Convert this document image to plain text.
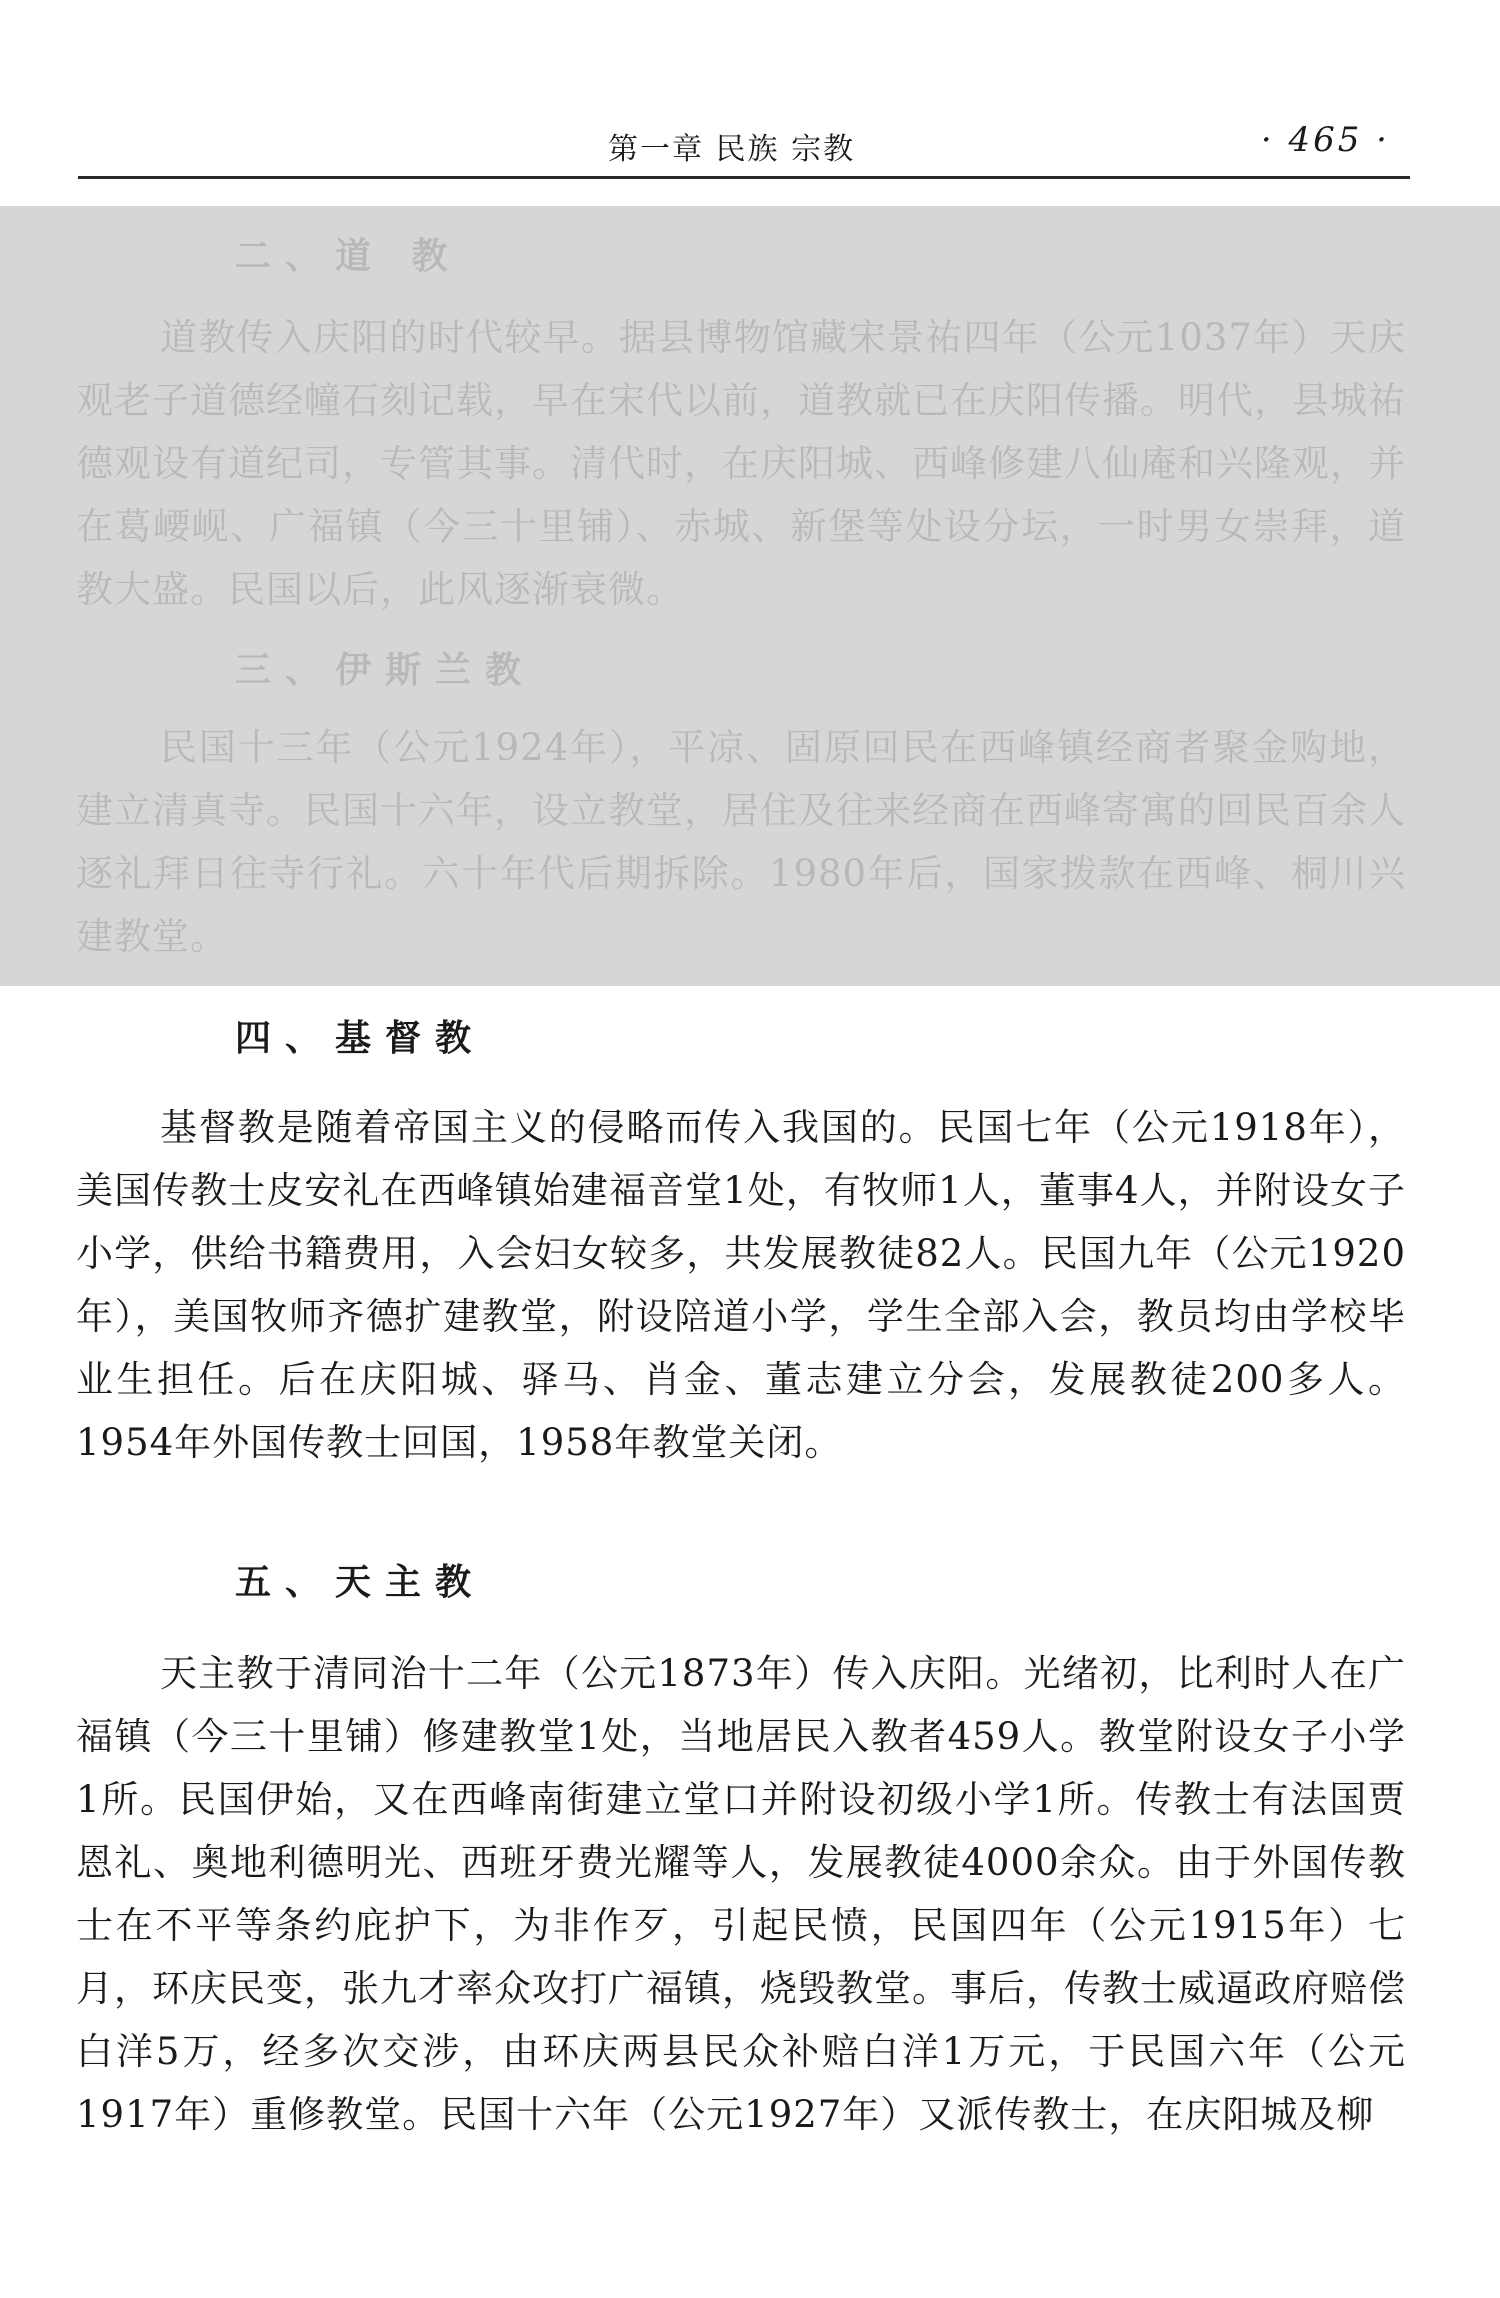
第一章 民族 宗教	· 465 ·
二、道 教
道教传入庆阳的时代较早。据县博物馆藏宋景祐四年（公元1037年）天庆观老子道德经幢石刻记载，早在宋代以前，道教就已在庆阳传播。明代，县城祐德观设有道纪司，专管其事。清代时，在庆阳城、西峰修建八仙庵和兴隆观，并在葛崾岘、广福镇（今三十里铺）、赤城、新堡等处设分坛，一时男女崇拜，道教大盛。民国以后，此风逐渐衰微。
三、伊斯兰教
民国十三年（公元1924年），平凉、固原回民在西峰镇经商者聚金购地，建立清真寺。民国十六年，设立教堂，居住及往来经商在西峰寄寓的回民百余人逐礼拜日往寺行礼。六十年代后期拆除。1980年后，国家拨款在西峰、桐川兴建教堂。
四、基督教
基督教是随着帝国主义的侵略而传入我国的。民国七年（公元1918年），美国传教士皮安礼在西峰镇始建福音堂1处，有牧师1人，董事4人，并附设女子小学，供给书籍费用，入会妇女较多，共发展教徒82人。民国九年（公元1920年），美国牧师齐德扩建教堂，附设陪道小学，学生全部入会，教员均由学校毕业生担任。后在庆阳城、驿马、肖金、董志建立分会，发展教徒200多人。1954年外国传教士回国，1958年教堂关闭。
五、天主教
天主教于清同治十二年（公元1873年）传入庆阳。光绪初，比利时人在广福镇（今三十里铺）修建教堂1处，当地居民入教者459人。教堂附设女子小学1所。民国伊始，又在西峰南街建立堂口并附设初级小学1所。传教士有法国贾恩礼、奥地利德明光、西班牙费光耀等人，发展教徒4000余众。由于外国传教士在不平等条约庇护下，为非作歹，引起民愤，民国四年（公元1915年）七月，环庆民变，张九才率众攻打广福镇，烧毁教堂。事后，传教士威逼政府赔偿白洋5万，经多次交涉，由环庆两县民众补赔白洋1万元，于民国六年（公元1917年）重修教堂。民国十六年（公元1927年）又派传教士，在庆阳城及柳
